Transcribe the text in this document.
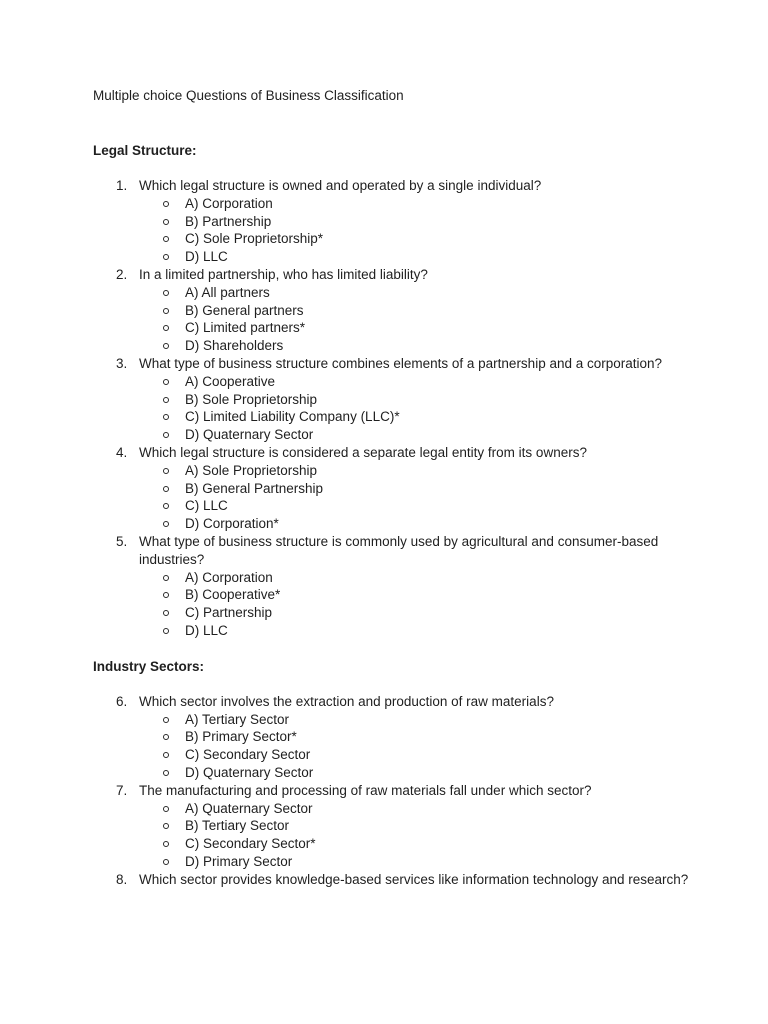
Multiple choice Questions of Business Classification
Legal Structure:
1. Which legal structure is owned and operated by a single individual?
A) Corporation
B) Partnership
C) Sole Proprietorship*
D) LLC
2. In a limited partnership, who has limited liability?
A) All partners
B) General partners
C) Limited partners*
D) Shareholders
3. What type of business structure combines elements of a partnership and a corporation?
A) Cooperative
B) Sole Proprietorship
C) Limited Liability Company (LLC)*
D) Quaternary Sector
4. Which legal structure is considered a separate legal entity from its owners?
A) Sole Proprietorship
B) General Partnership
C) LLC
D) Corporation*
5. What type of business structure is commonly used by agricultural and consumer-based industries?
A) Corporation
B) Cooperative*
C) Partnership
D) LLC
Industry Sectors:
6. Which sector involves the extraction and production of raw materials?
A) Tertiary Sector
B) Primary Sector*
C) Secondary Sector
D) Quaternary Sector
7. The manufacturing and processing of raw materials fall under which sector?
A) Quaternary Sector
B) Tertiary Sector
C) Secondary Sector*
D) Primary Sector
8. Which sector provides knowledge-based services like information technology and research?
